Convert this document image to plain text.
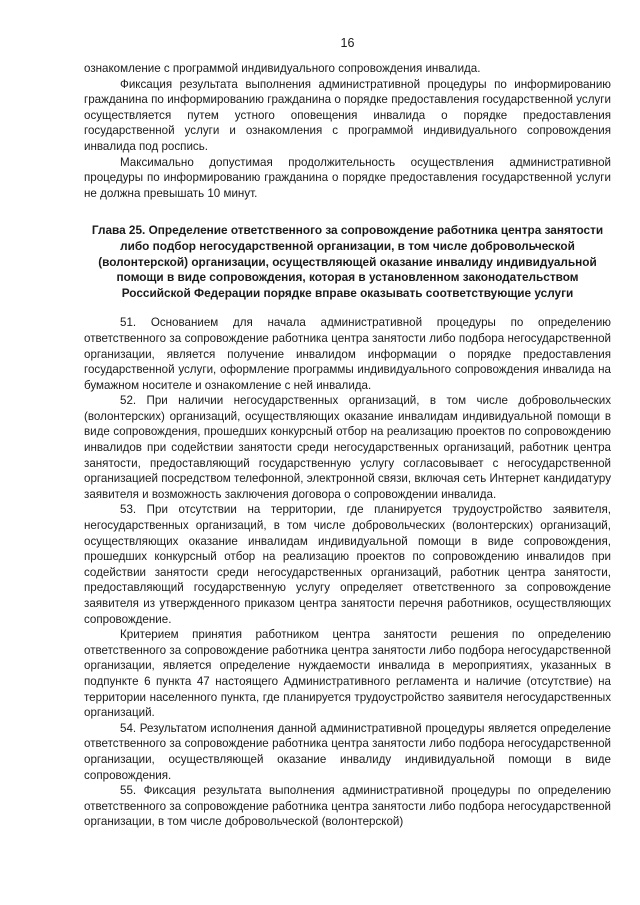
16

ознакомление с программой индивидуального сопровождения инвалида.

Фиксация результата выполнения административной процедуры по информированию гражданина по информированию гражданина о порядке предоставления государственной услуги осуществляется путем устного оповещения инвалида о порядке предоставления государственной услуги и ознакомления с программой индивидуального сопровождения инвалида под роспись.

Максимально допустимая продолжительность осуществления административной процедуры по информированию гражданина о порядке предоставления государственной услуги не должна превышать 10 минут.

Глава 25. Определение ответственного за сопровождение работника центра занятости либо подбор негосударственной организации, в том числе добровольческой (волонтерской) организации, осуществляющей оказание инвалиду индивидуальной помощи в виде сопровождения, которая в установленном законодательством Российской Федерации порядке вправе оказывать соответствующие услуги

51. Основанием для начала административной процедуры по определению ответственного за сопровождение работника центра занятости либо подбора негосударственной организации, является получение инвалидом информации о порядке предоставления государственной услуги, оформление программы индивидуального сопровождения инвалида на бумажном носителе и ознакомление с ней инвалида.

52. При наличии негосударственных организаций, в том числе добровольческих (волонтерских) организаций, осуществляющих оказание инвалидам индивидуальной помощи в виде сопровождения, прошедших конкурсный отбор на реализацию проектов по сопровождению инвалидов при содействии занятости среди негосударственных организаций, работник центра занятости, предоставляющий государственную услугу согласовывает с негосударственной организацией посредством телефонной, электронной связи, включая сеть Интернет кандидатуру заявителя и возможность заключения договора о сопровождении инвалида.

53. При отсутствии на территории, где планируется трудоустройство заявителя, негосударственных организаций, в том числе добровольческих (волонтерских) организаций, осуществляющих оказание инвалидам индивидуальной помощи в виде сопровождения, прошедших конкурсный отбор на реализацию проектов по сопровождению инвалидов при содействии занятости среди негосударственных организаций, работник центра занятости, предоставляющий государственную услугу определяет ответственного за сопровождение заявителя из утвержденного приказом центра занятости перечня работников, осуществляющих сопровождение.

Критерием принятия работником центра занятости решения по определению ответственного за сопровождение работника центра занятости либо подбора негосударственной организации, является определение нуждаемости инвалида в мероприятиях, указанных в подпункте 6 пункта 47 настоящего Административного регламента и наличие (отсутствие) на территории населенного пункта, где планируется трудоустройство заявителя негосударственных организаций.

54. Результатом исполнения данной административной процедуры является определение ответственного за сопровождение работника центра занятости либо подбора негосударственной организации, осуществляющей оказание инвалиду индивидуальной помощи в виде сопровождения.

55. Фиксация результата выполнения административной процедуры по определению ответственного за сопровождение работника центра занятости либо подбора негосударственной организации, в том числе добровольческой (волонтерской)
